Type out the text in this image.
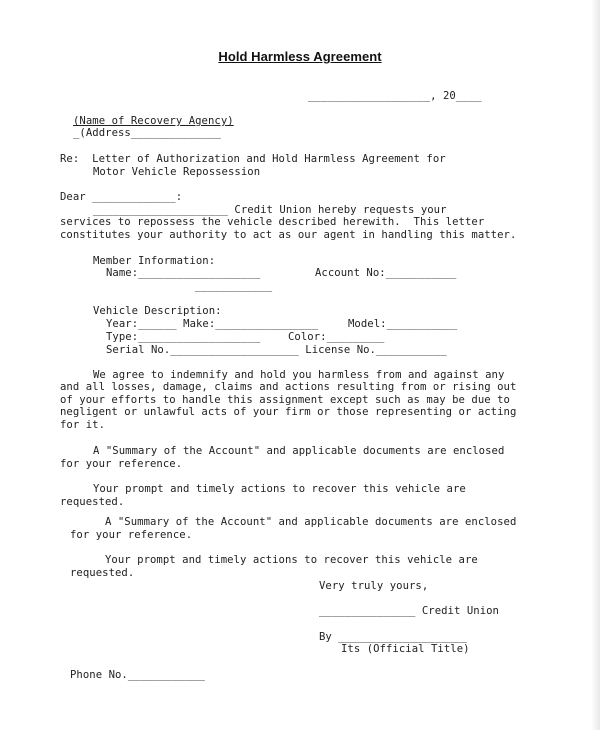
Hold Harmless Agreement
___________________, 20____
(Name of Recovery Agency)
_(Address______________
Re:  Letter of Authorization and Hold Harmless Agreement for
Motor Vehicle Repossession
Dear _____________:
_____________________ Credit Union hereby requests your
services to repossess the vehicle described herewith.  This letter
constitutes your authority to act as our agent in handling this matter.
Member Information:
Name:___________________	Account No:___________
____________
Vehicle Description:
Year:______ Make:________________	Model:___________
Type:___________________	Color:_________
Serial No.____________________ License No.___________
We agree to indemnify and hold you harmless from and against any
and all losses, damage, claims and actions resulting from or rising out
of your efforts to handle this assignment except such as may be due to
negligent or unlawful acts of your firm or those representing or acting
for it.
A "Summary of the Account" and applicable documents are enclosed
for your reference.
Your prompt and timely actions to recover this vehicle are
requested.
A "Summary of the Account" and applicable documents are enclosed
for your reference.
Your prompt and timely actions to recover this vehicle are
requested.
Very truly yours,
_______________ Credit Union
By ____________________
Its (Official Title)
Phone No.____________
